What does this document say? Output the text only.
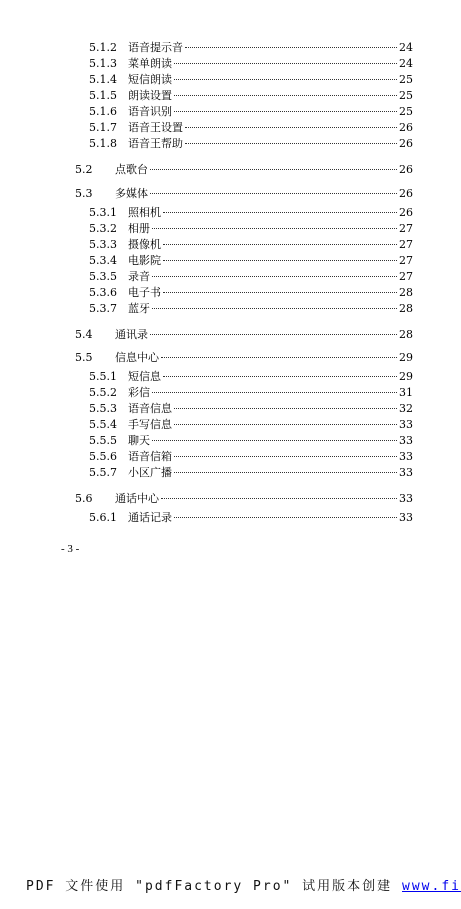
5.1.2	语音提示音	24
5.1.3	菜单朗读	24
5.1.4	短信朗读	25
5.1.5	朗读设置	25
5.1.6	语音识别	25
5.1.7	语音王设置	26
5.1.8	语音王帮助	26
5.2	点歌台	26
5.3	多媒体	26
5.3.1	照相机	26
5.3.2	相册	27
5.3.3	摄像机	27
5.3.4	电影院	27
5.3.5	录音	27
5.3.6	电子书	28
5.3.7	蓝牙	28
5.4	通讯录	28
5.5	信息中心	29
5.5.1	短信息	29
5.5.2	彩信	31
5.5.3	语音信息	32
5.5.4	手写信息	33
5.5.5	聊天	33
5.5.6	语音信箱	33
5.5.7	小区广播	33
5.6	通话中心	33
5.6.1	通话记录	33
- 3 -
PDF 文件使用 "pdfFactory Pro" 试用版本创建 www.fi
